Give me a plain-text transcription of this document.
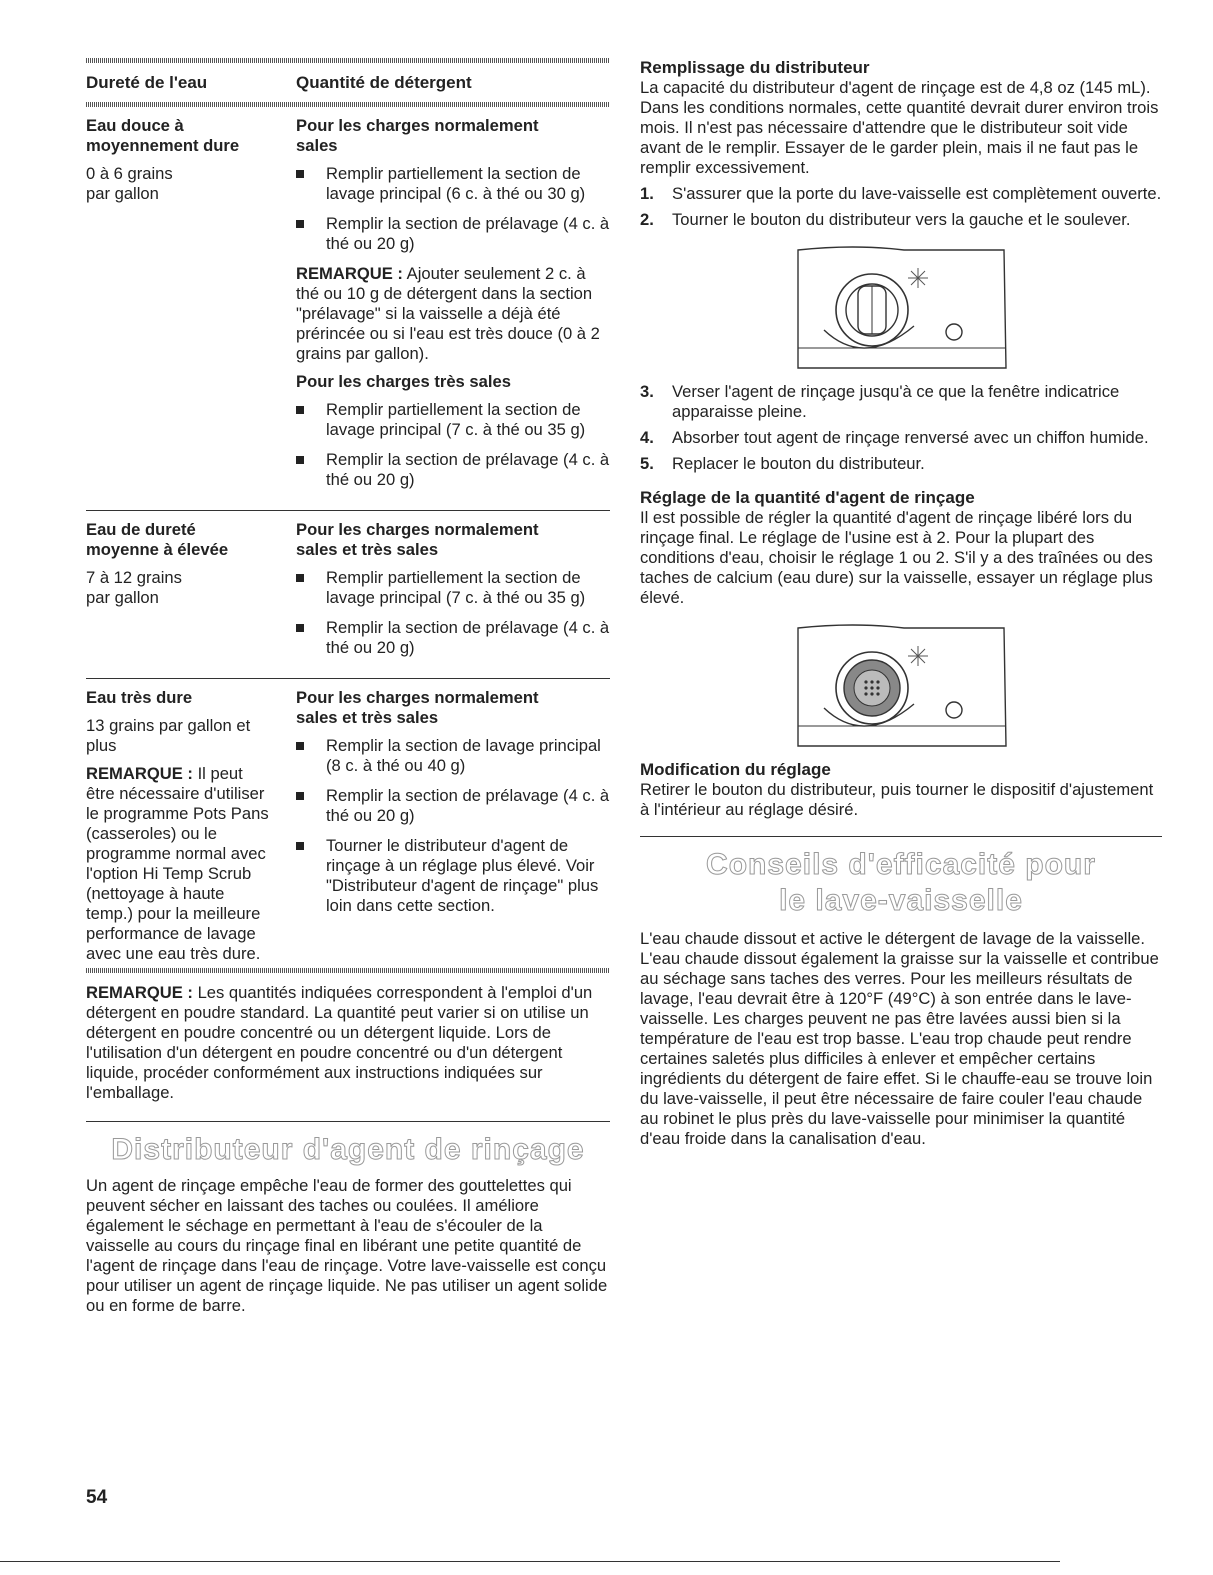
Dureté de l'eau	Quantité de détergent
Eau douce à moyennement dure
0 à 6 grains par gallon
Pour les charges normalement sales
Remplir partiellement la section de lavage principal (6 c. à thé ou 30 g)
Remplir la section de prélavage (4 c. à thé ou 20 g)

REMARQUE : Ajouter seulement 2 c. à thé ou 10 g de détergent dans la section "prélavage" si la vaisselle a déjà été prérincée ou si l'eau est très douce (0 à 2 grains par gallon).

Pour les charges très sales
Remplir partiellement la section de lavage principal (7 c. à thé ou 35 g)
Remplir la section de prélavage (4 c. à thé ou 20 g)
Eau de dureté moyenne à élevée
7 à 12 grains par gallon
Pour les charges normalement sales et très sales
Remplir partiellement la section de lavage principal (7 c. à thé ou 35 g)
Remplir la section de prélavage (4 c. à thé ou 20 g)
Eau très dure
13 grains par gallon et plus

REMARQUE : Il peut être nécessaire d'utiliser le programme Pots Pans (casseroles) ou le programme normal avec l'option Hi Temp Scrub (nettoyage à haute temp.) pour la meilleure performance de lavage avec une eau très dure.

Pour les charges normalement sales et très sales
Remplir la section de lavage principal (8 c. à thé ou 40 g)
Remplir la section de prélavage (4 c. à thé ou 20 g)
Tourner le distributeur d'agent de rinçage à un réglage plus élevé. Voir "Distributeur d'agent de rinçage" plus loin dans cette section.

REMARQUE : Les quantités indiquées correspondent à l'emploi d'un détergent en poudre standard. La quantité peut varier si on utilise un détergent en poudre concentré ou un détergent liquide. Lors de l'utilisation d'un détergent en poudre concentré ou d'un détergent liquide, procéder conformément aux instructions indiquées sur l'emballage.

Distributeur d'agent de rinçage

Un agent de rinçage empêche l'eau de former des gouttelettes qui peuvent sécher en laissant des taches ou coulées. Il améliore également le séchage en permettant à l'eau de s'écouler de la vaisselle au cours du rinçage final en libérant une petite quantité de l'agent de rinçage dans l'eau de rinçage. Votre lave-vaisselle est conçu pour utiliser un agent de rinçage liquide. Ne pas utiliser un agent solide ou en forme de barre.

Remplissage du distributeur

La capacité du distributeur d'agent de rinçage est de 4,8 oz (145 mL). Dans les conditions normales, cette quantité devrait durer environ trois mois. Il n'est pas nécessaire d'attendre que le distributeur soit vide avant de le remplir. Essayer de le garder plein, mais il ne faut pas le remplir excessivement.

1. S'assurer que la porte du lave-vaisselle est complètement ouverte.
2. Tourner le bouton du distributeur vers la gauche et le soulever.
3. Verser l'agent de rinçage jusqu'à ce que la fenêtre indicatrice apparaisse pleine.
4. Absorber tout agent de rinçage renversé avec un chiffon humide.
5. Replacer le bouton du distributeur.
Réglage de la quantité d'agent de rinçage

Il est possible de régler la quantité d'agent de rinçage libéré lors du rinçage final. Le réglage de l'usine est à 2. Pour la plupart des conditions d'eau, choisir le réglage 1 ou 2. S'il y a des traînées ou des taches de calcium (eau dure) sur la vaisselle, essayer un réglage plus élevé.

Modification du réglage

Retirer le bouton du distributeur, puis tourner le dispositif d'ajustement à l'intérieur au réglage désiré.

Conseils d'efficacité pour
le lave-vaisselle

L'eau chaude dissout et active le détergent de lavage de la vaisselle. L'eau chaude dissout également la graisse sur la vaisselle et contribue au séchage sans taches des verres. Pour les meilleurs résultats de lavage, l'eau devrait être à 120°F (49°C) à son entrée dans le lave-vaisselle. Les charges peuvent ne pas être lavées aussi bien si la température de l'eau est trop basse. L'eau trop chaude peut rendre certaines saletés plus difficiles à enlever et empêcher certains ingrédients du détergent de faire effet. Si le chauffe-eau se trouve loin du lave-vaisselle, il peut être nécessaire de faire couler l'eau chaude au robinet le plus près du lave-vaisselle pour minimiser la quantité d'eau froide dans la canalisation d'eau.

54
